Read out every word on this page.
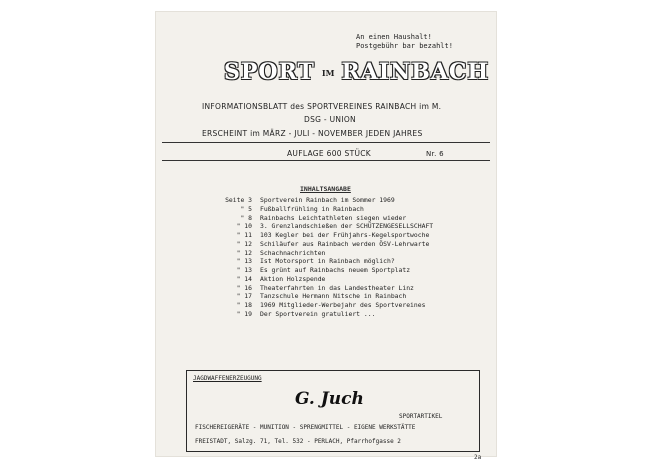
An einen Haushalt!
Postgebühr bar bezahlt!
SPORT IM RAINBACH
INFORMATIONSBLATT des SPORTVEREINES RAINBACH im M.
DSG - UNION
ERSCHEINT im MÄRZ - JULI - NOVEMBER JEDEN JAHRES
AUFLAGE 600 STÜCK	Nr. 6
INHALTSANGABE
Seite 3	Sportverein Rainbach im Sommer 1969
" 5	Fußballfrühling in Rainbach
" 8	Rainbachs Leichtathleten siegen wieder
" 10	3. Grenzlandschießen der SCHÜTZENGESELLSCHAFT
" 11	103 Kegler bei der Frühjahrs-Kegelsportwoche
" 12	Schiläufer aus Rainbach werden ÖSV-Lehrwarte
" 12	Schachnachrichten
" 13	Ist Motorsport in Rainbach möglich?
" 13	Es grünt auf Rainbachs neuem Sportplatz
" 14	Aktion Holzspende
" 16	Theaterfahrten in das Landestheater Linz
" 17	Tanzschule Hermann Nitsche in Rainbach
" 18	1969 Mitglieder-Werbejahr des Sportvereines
" 19	Der Sportverein gratuliert ...
JAGDWAFFENERZEUGUNG
G. Juch
SPORTARTIKEL
FISCHEREIGERÄTE - MUNITION - SPRENGMITTEL - EIGENE WERKSTÄTTE
FREISTADT, Salzg. 71, Tel. 532 - PERLACH, Pfarrhofgasse 2
2a
